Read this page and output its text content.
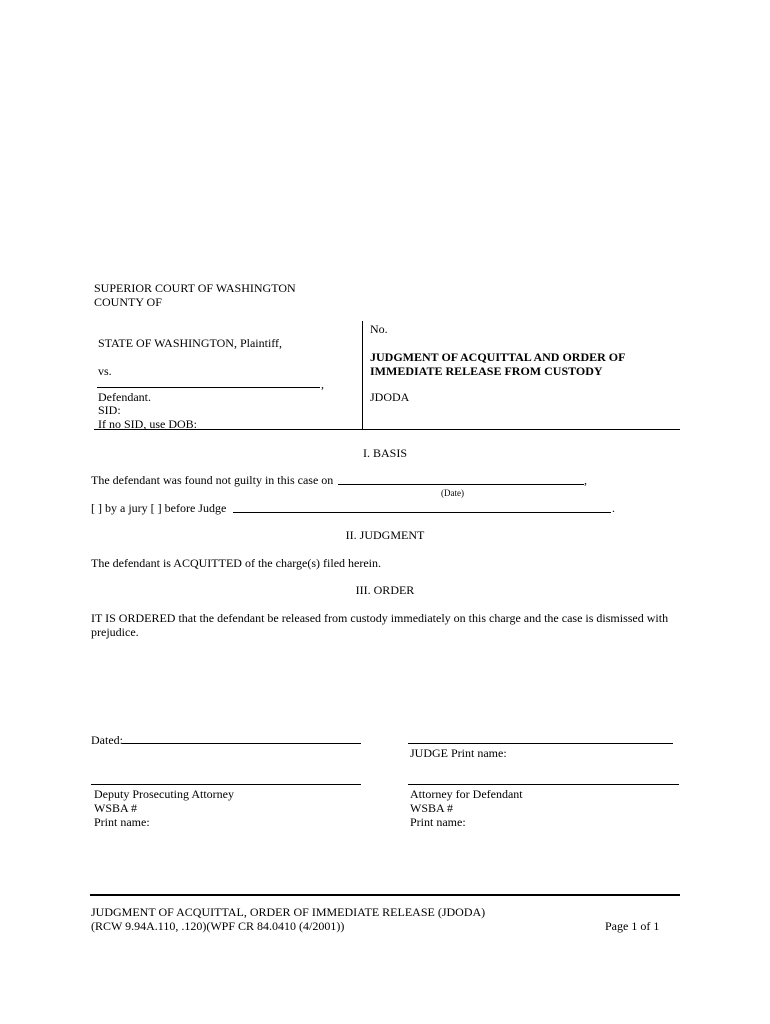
SUPERIOR COURT OF WASHINGTON
COUNTY OF
STATE OF WASHINGTON, Plaintiff,
vs.
,
Defendant.
SID:
If no SID, use DOB:
No.
JUDGMENT OF ACQUITTAL AND ORDER OF
IMMEDIATE RELEASE FROM CUSTODY
JDODA
I. BASIS
The defendant was found not guilty in this case on	,
(Date)
[ ] by a jury [ ] before Judge	.
II. JUDGMENT
The defendant is ACQUITTED of the charge(s) filed herein.
III. ORDER
IT IS ORDERED that the defendant be released from custody immediately on this charge and the case is dismissed with prejudice.
Dated:
JUDGE Print name:
Deputy Prosecuting Attorney
WSBA #
Print name:
Attorney for Defendant
WSBA #
Print name:
JUDGMENT OF ACQUITTAL, ORDER OF IMMEDIATE RELEASE (JDODA)
(RCW 9.94A.110, .120)(WPF CR 84.0410 (4/2001))	Page 1 of 1
